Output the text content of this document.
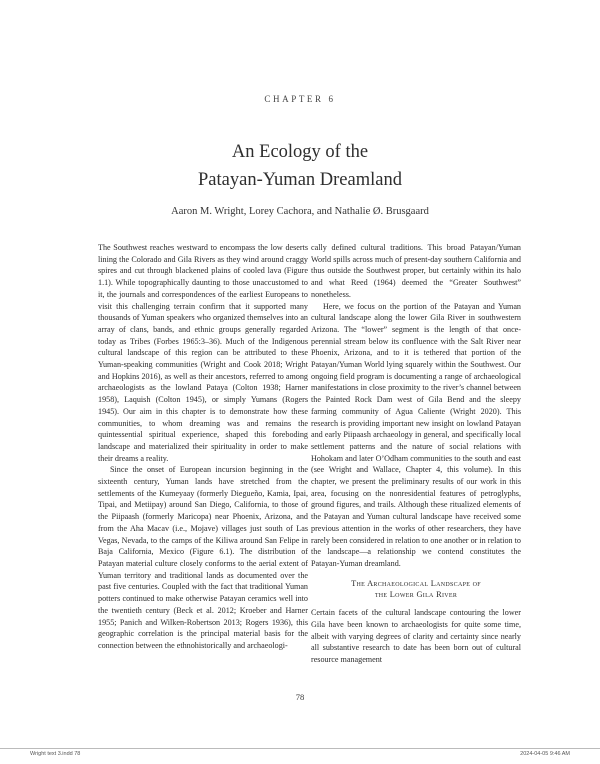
CHAPTER 6
An Ecology of the
Patayan-Yuman Dreamland
Aaron M. Wright, Lorey Cachora, and Nathalie Ø. Brusgaard

The Southwest reaches westward to encompass the low deserts lining the Colorado and Gila Rivers as they wind around craggy spires and cut through blackened plains of cooled lava (Figure 1.1). While topographically daunting to those unaccustomed to it, the journals and correspondences of the earliest Europeans to visit this challenging terrain confirm that it supported many thousands of Yuman speakers who organized themselves into an array of clans, bands, and ethnic groups generally regarded today as Tribes (Forbes 1965:3–36). Much of the Indigenous cultural landscape of this region can be attributed to these Yuman-speaking communities (Wright and Cook 2018; Wright and Hopkins 2016), as well as their ancestors, referred to among archaeologists as the lowland Pataya (Colton 1938; Harner 1958), Laquish (Colton 1945), or simply Yumans (Rogers 1945). Our aim in this chapter is to demonstrate how these communities, to whom dreaming was and remains the quintessential spiritual experience, shaped this foreboding landscape and materialized their spirituality in order to make their dreams a reality.

Since the onset of European incursion beginning in the sixteenth century, Yuman lands have stretched from the settlements of the Kumeyaay (formerly Diegueño, Kamia, Ipai, Tipai, and Metiipay) around San Diego, California, to those of the Piipaash (formerly Maricopa) near Phoenix, Arizona, and from the Aha Macav (i.e., Mojave) villages just south of Las Vegas, Nevada, to the camps of the Kiliwa around San Felipe in Baja California, Mexico (Figure 6.1). The distribution of Patayan material culture closely conforms to the aerial extent of Yuman territory and traditional lands as documented over the past five centuries. Coupled with the fact that traditional Yuman potters continued to make otherwise Patayan ceramics well into the twentieth century (Beck et al. 2012; Kroeber and Harner 1955; Panich and Wilken-Robertson 2013; Rogers 1936), this geographic correlation is the principal material basis for the connection between the ethnohistorically and archaeologi-

cally defined cultural traditions. This broad Patayan/Yuman World spills across much of present-day southern California and thus outside the Southwest proper, but certainly within its halo and what Reed (1964) deemed the “Greater Southwest” nonetheless.

Here, we focus on the portion of the Patayan and Yuman cultural landscape along the lower Gila River in southwestern Arizona. The “lower” segment is the length of that once-perennial stream below its confluence with the Salt River near Phoenix, Arizona, and to it is tethered that portion of the Patayan/Yuman World lying squarely within the Southwest. Our ongoing field program is documenting a range of archaeological manifestations in close proximity to the river’s channel between the Painted Rock Dam west of Gila Bend and the sleepy farming community of Agua Caliente (Wright 2020). This research is providing important new insight on lowland Patayan and early Piipaash archaeology in general, and specifically local settlement patterns and the nature of social relations with Hohokam and later O’Odham communities to the south and east (see Wright and Wallace, Chapter 4, this volume). In this chapter, we present the preliminary results of our work in this area, focusing on the nonresidential features of petroglyphs, ground figures, and trails. Although these ritualized elements of the Patayan and Yuman cultural landscape have received some previous attention in the works of other researchers, they have rarely been considered in relation to one another or in relation to the landscape—a relationship we contend constitutes the Patayan-Yuman dreamland.

The Archaeological Landscape of
the Lower Gila River

Certain facets of the cultural landscape contouring the lower Gila have been known to archaeologists for quite some time, albeit with varying degrees of clarity and certainty since nearly all substantive research to date has been born out of cultural resource management

78
Wright text 3.indd 78	2024-04-05 9:46 AM
